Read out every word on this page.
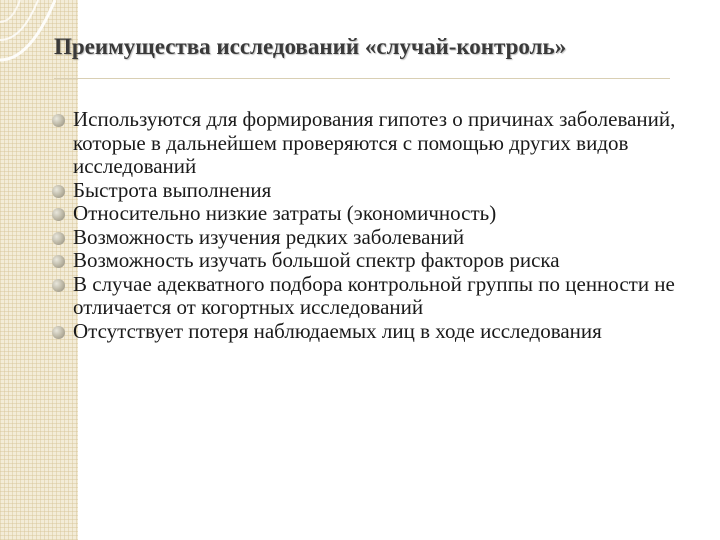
Преимущества исследований «случай-контроль»
Используются для формирования гипотез о причинах заболеваний, которые в дальнейшем проверяются с помощью других видов исследований
Быстрота выполнения
Относительно низкие затраты (экономичность)
Возможность изучения редких заболеваний
Возможность изучать большой спектр факторов риска
В случае адекватного подбора контрольной группы по ценности не отличается от когортных исследований
Отсутствует потеря наблюдаемых лиц в ходе исследования
